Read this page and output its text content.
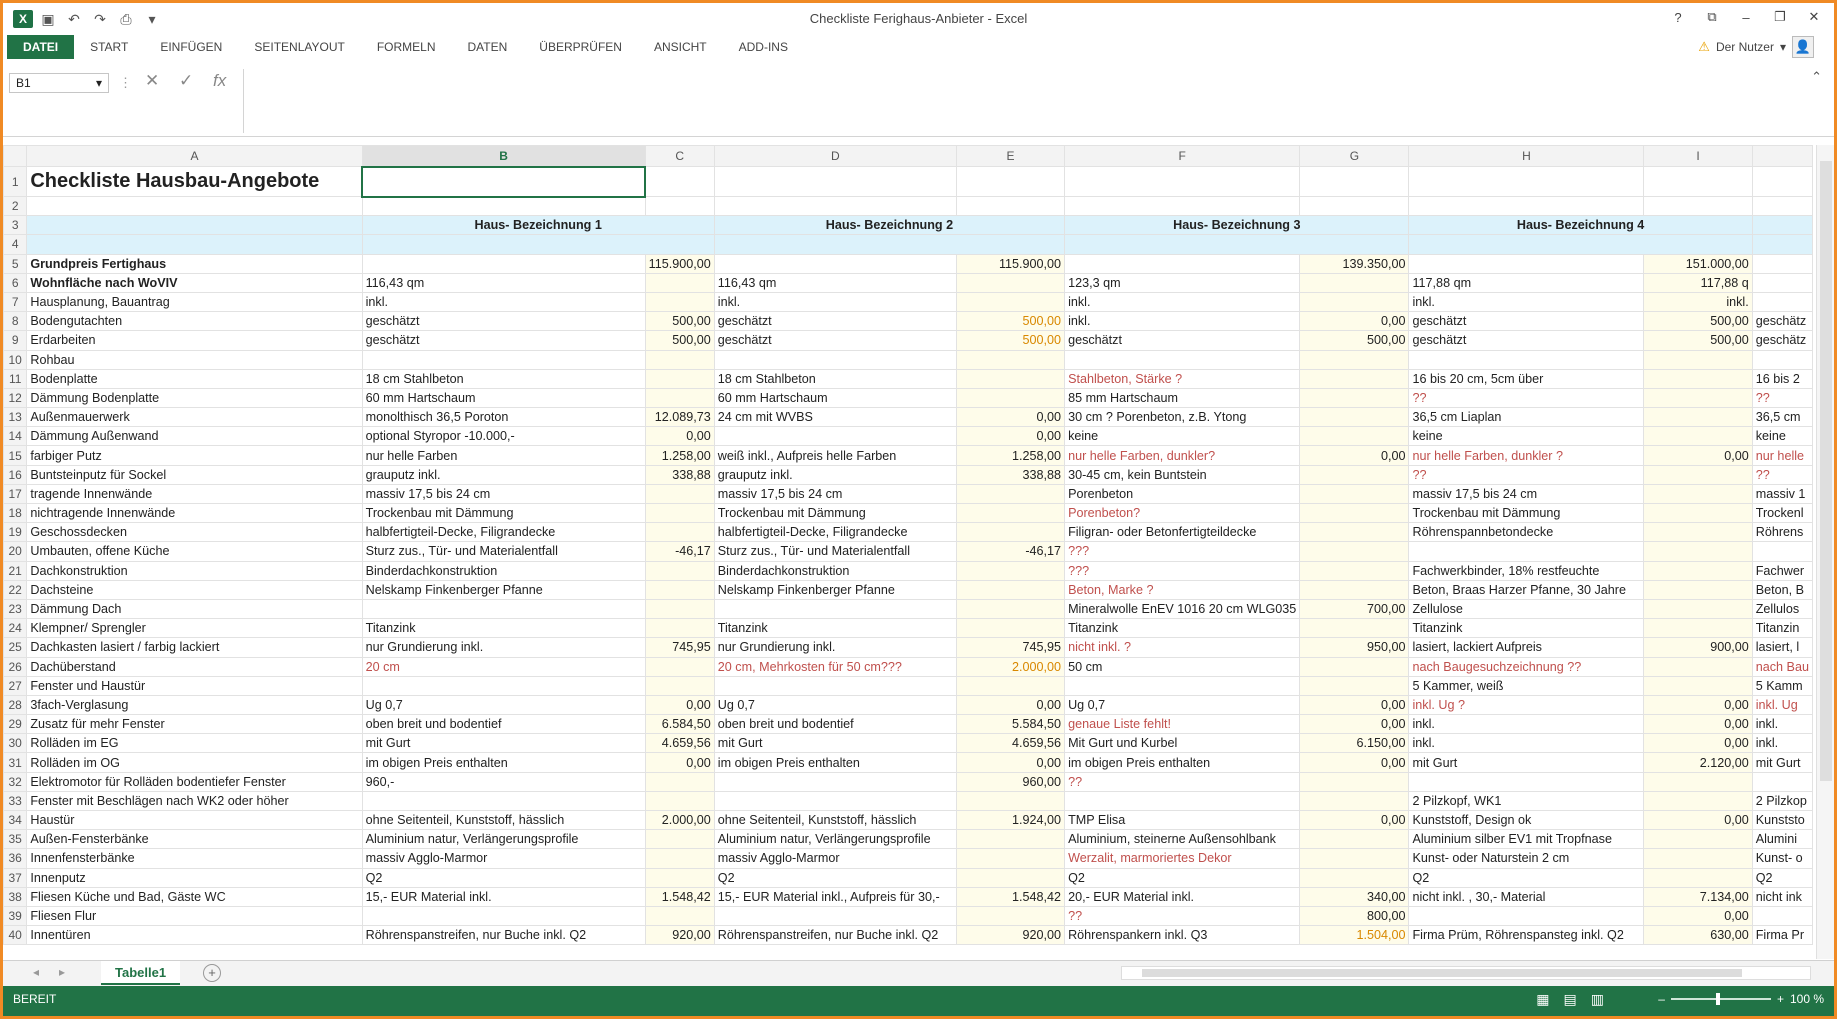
X	▣ ↶	↷	⎙	▾	Checkliste Ferighaus-Anbieter - Excel	?	⧉	–	❐	✕
DATEI	START	EINFÜGEN	SEITENLAYOUT	FORMELN	DATEN	ÜBERPRÜFEN	ANSICHT	ADD-INS	⚠ Der Nutzer ▾ 👤
B1	▾ ⋮ ✕ ✓ fx	⌃
	A	B	C	D	E	F	G	H	I	
1	Checkliste Hausbau-Angebote									
2										
3		Haus- Bezeichnung 1		Haus- Bezeichnung 2		Haus- Bezeichnung 3		Haus- Bezeichnung 4		
4										
5	Grundpreis Fertighaus		115.900,00		115.900,00		139.350,00		151.000,00	
6	Wohnfläche nach WoVIV	116,43 qm		116,43 qm		123,3 qm		117,88 qm	117,88 q	
7	Hausplanung, Bauantrag	inkl.		inkl.		inkl.		inkl.	inkl.	
8	Bodengutachten	geschätzt	500,00	geschätzt	500,00	inkl.	0,00	geschätzt	500,00	geschätz
9	Erdarbeiten	geschätzt	500,00	geschätzt	500,00	geschätzt	500,00	geschätzt	500,00	geschätz
10	Rohbau									
11	Bodenplatte	18 cm Stahlbeton		18 cm Stahlbeton		Stahlbeton, Stärke ?		16 bis 20 cm, 5cm über		16 bis 2
12	Dämmung Bodenplatte	60 mm Hartschaum		60 mm Hartschaum		85 mm Hartschaum		??		??
13	Außenmauerwerk	monolthisch 36,5 Poroton	12.089,73	24 cm mit WVBS	0,00	30 cm ? Porenbeton, z.B. Ytong		36,5 cm Liaplan		36,5 cm
14	Dämmung Außenwand	optional Styropor -10.000,-	0,00		0,00	keine		keine		keine
15	farbiger Putz	nur helle Farben	1.258,00	weiß inkl., Aufpreis helle Farben	1.258,00	nur helle Farben, dunkler?	0,00	nur helle Farben, dunkler ?	0,00	nur helle
16	Buntsteinputz für Sockel	grauputz inkl.	338,88	grauputz inkl.	338,88	30-45 cm, kein Buntstein		??		??
17	tragende Innenwände	massiv 17,5 bis 24 cm		massiv 17,5 bis 24 cm		Porenbeton		massiv 17,5 bis 24 cm		massiv 1
18	nichtragende Innenwände	Trockenbau mit Dämmung		Trockenbau mit Dämmung		Porenbeton?		Trockenbau mit Dämmung		Trockenl
19	Geschossdecken	halbfertigteil-Decke, Filigrandecke		halbfertigteil-Decke, Filigrandecke		Filigran- oder Betonfertigteildecke		Röhrenspannbetondecke		Röhrens
20	Umbauten, offene Küche	Sturz zus., Tür- und Materialentfall	-46,17	Sturz zus., Tür- und Materialentfall	-46,17	???				
21	Dachkonstruktion	Binderdachkonstruktion		Binderdachkonstruktion		???		Fachwerkbinder, 18% restfeuchte		Fachwer
22	Dachsteine	Nelskamp Finkenberger Pfanne		Nelskamp Finkenberger Pfanne		Beton, Marke ?		Beton, Braas Harzer Pfanne, 30 Jahre		Beton, B
23	Dämmung Dach					Mineralwolle EnEV 1016 20 cm WLG035	700,00	Zellulose		Zellulos
24	Klempner/ Sprengler	Titanzink		Titanzink		Titanzink		Titanzink		Titanzin
25	Dachkasten lasiert / farbig lackiert	nur Grundierung inkl.	745,95	nur Grundierung inkl.	745,95	nicht inkl. ?	950,00	lasiert, lackiert Aufpreis	900,00	lasiert, l
26	Dachüberstand	20 cm		20 cm, Mehrkosten für 50 cm???	2.000,00	50 cm		nach Baugesuchzeichnung ??		nach Bau
27	Fenster und Haustür							5 Kammer, weiß		5 Kamm
28	3fach-Verglasung	Ug 0,7	0,00	Ug 0,7	0,00	Ug 0,7	0,00	inkl. Ug ?	0,00	inkl. Ug
29	Zusatz für mehr Fenster	oben breit und bodentief	6.584,50	oben breit und bodentief	5.584,50	genaue Liste fehlt!	0,00	inkl.	0,00	inkl.
30	Rolläden im EG	mit Gurt	4.659,56	mit Gurt	4.659,56	Mit Gurt und Kurbel	6.150,00	inkl.	0,00	inkl.
31	Rolläden im OG	im obigen Preis enthalten	0,00	im obigen Preis enthalten	0,00	im obigen Preis enthalten	0,00	mit Gurt	2.120,00	mit Gurt
32	Elektromotor für Rolläden bodentiefer Fenster	960,-			960,00	??				
33	Fenster mit Beschlägen nach WK2 oder höher							2 Pilzkopf, WK1		2 Pilzkop
34	Haustür	ohne Seitenteil, Kunststoff, hässlich	2.000,00	ohne Seitenteil, Kunststoff, hässlich	1.924,00	TMP Elisa	0,00	Kunststoff, Design ok	0,00	Kunststo
35	Außen-Fensterbänke	Aluminium natur, Verlängerungsprofile		Aluminium natur, Verlängerungsprofile		Aluminium, steinerne Außensohlbank		Aluminium silber EV1 mit Tropfnase		Alumini
36	Innenfensterbänke	massiv Agglo-Marmor		massiv Agglo-Marmor		Werzalit, marmoriertes Dekor		Kunst- oder Naturstein 2 cm		Kunst- o
37	Innenputz	Q2		Q2		Q2		Q2		Q2
38	Fliesen Küche und Bad, Gäste WC	15,- EUR Material inkl.	1.548,42	15,- EUR Material inkl., Aufpreis für 30,-	1.548,42	20,- EUR Material inkl.	340,00	nicht inkl. , 30,- Material	7.134,00	nicht ink
39	Fliesen Flur					??	800,00		0,00	
40	Innentüren	Röhrenspanstreifen, nur Buche inkl. Q2	920,00	Röhrenspanstreifen, nur Buche inkl. Q2	920,00	Röhrenspankern inkl. Q3	1.504,00	Firma Prüm, Röhrenspansteg inkl. Q2	630,00	Firma Pr
◂ ▸	Tabelle1	+
BEREIT	▦ ▤ ▥	–	+ 100 %
